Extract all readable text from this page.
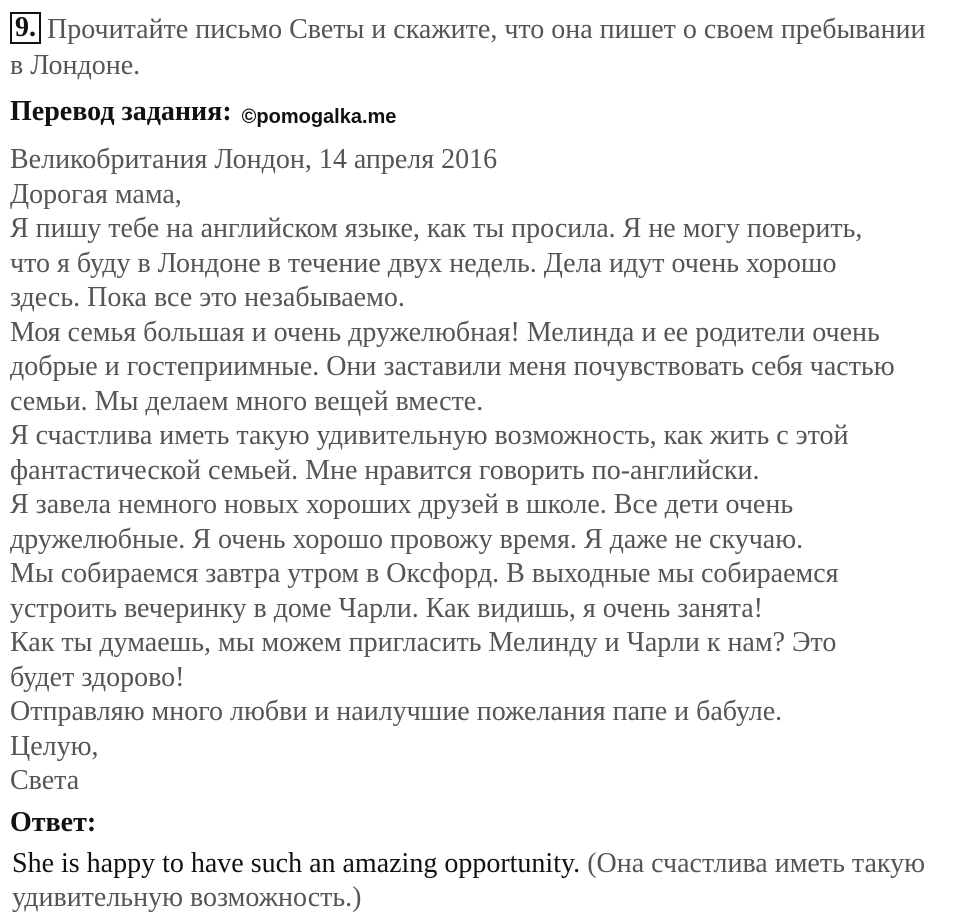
9. Прочитайте письмо Светы и скажите, что она пишет о своем пребывании в Лондоне.
Перевод задания: ©pomogalka.me
Великобритания Лондон, 14 апреля 2016
Дорогая мама,
Я пишу тебе на английском языке, как ты просила. Я не могу поверить,
что я буду в Лондоне в течение двух недель. Дела идут очень хорошо
здесь. Пока все это незабываемо.
Моя семья большая и очень дружелюбная! Мелинда и ее родители очень
добрые и гостеприимные. Они заставили меня почувствовать себя частью
семьи. Мы делаем много вещей вместе.
Я счастлива иметь такую удивительную возможность, как жить с этой
фантастической семьей. Мне нравится говорить по-английски.
Я завела немного новых хороших друзей в школе. Все дети очень
дружелюбные. Я очень хорошо провожу время. Я даже не скучаю.
Мы собираемся завтра утром в Оксфорд. В выходные мы собираемся
устроить вечеринку в доме Чарли. Как видишь, я очень занята!
Как ты думаешь, мы можем пригласить Мелинду и Чарли к нам? Это
будет здорово!
Отправляю много любви и наилучшие пожелания папе и бабуле.
Целую,
Света
Ответ:
She is happy to have such an amazing opportunity. (Она счастлива иметь такую удивительную возможность.)
